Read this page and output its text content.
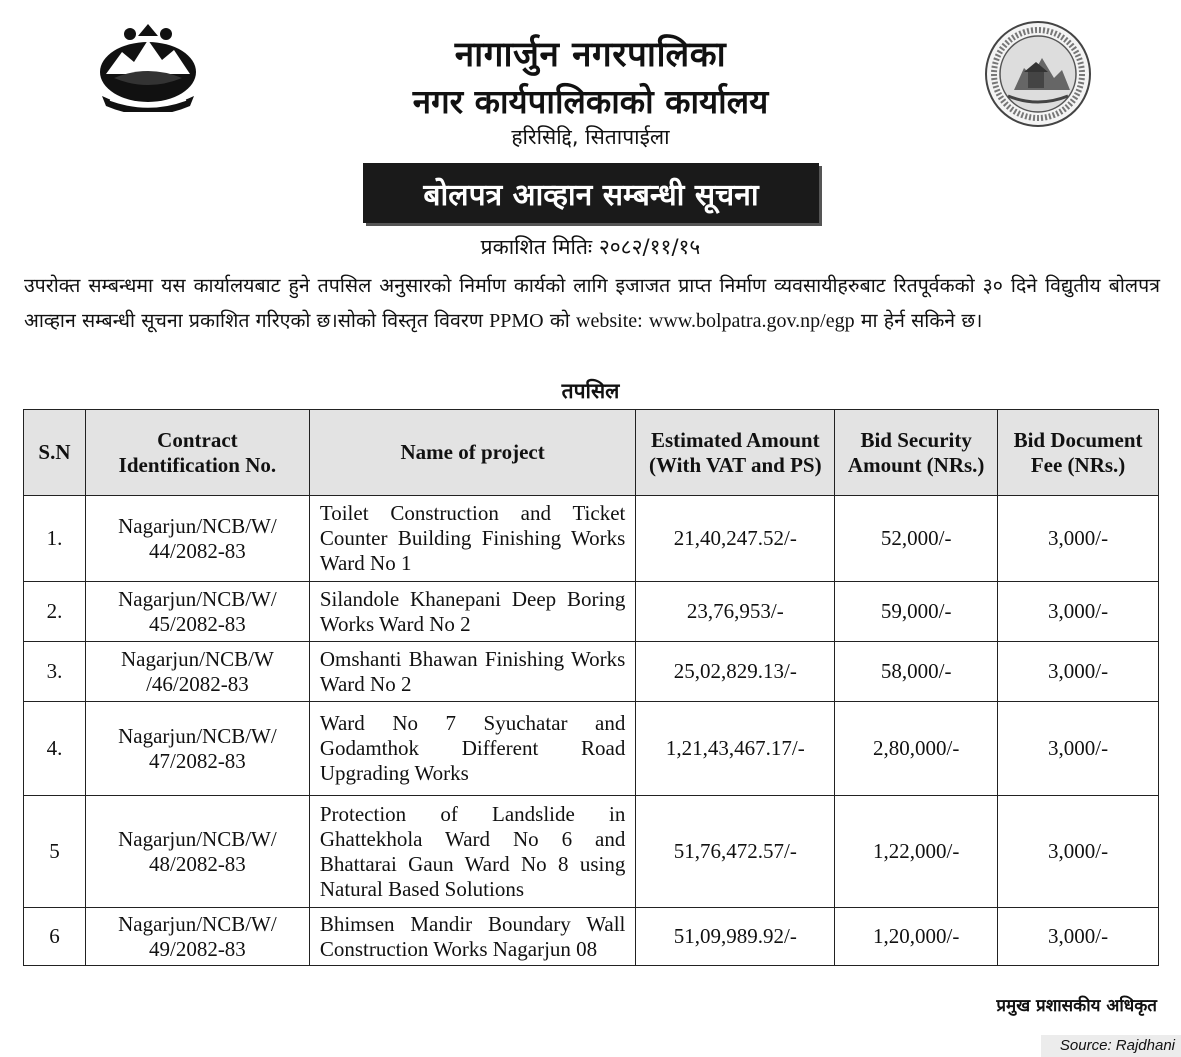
नागार्जुन नगरपालिका
नगर कार्यपालिकाको कार्यालय
हरिसिद्दि, सितापाईला
बोलपत्र आव्हान सम्बन्धी सूचना
प्रकाशित मितिः २०८२/११/१५
उपरोक्त सम्बन्धमा यस कार्यालयबाट हुने तपसिल अनुसारको निर्माण कार्यको लागि इजाजत प्राप्त निर्माण व्यवसायीहरुबाट रितपूर्वकको ३० दिने विद्युतीय बोलपत्र आव्हान सम्बन्धी सूचना प्रकाशित गरिएको छ।सोको विस्तृत विवरण PPMO को website: www.bolpatra.gov.np/egp मा हेर्न सकिने छ।
तपसिल
S.N	Contract Identification No.	Name of project	Estimated Amount (With VAT and PS)	Bid Security Amount (NRs.)	Bid Document Fee (NRs.)
1.	Nagarjun/NCB/W/ 44/2082-83	Toilet Construction and Ticket Counter Building Finishing Works Ward No 1	21,40,247.52/-	52,000/-	3,000/-
2.	Nagarjun/NCB/W/ 45/2082-83	Silandole Khanepani Deep Boring Works Ward No 2	23,76,953/-	59,000/-	3,000/-
3.	Nagarjun/NCB/W /46/2082-83	Omshanti Bhawan Finishing Works Ward No 2	25,02,829.13/-	58,000/-	3,000/-
4.	Nagarjun/NCB/W/ 47/2082-83	Ward No 7 Syuchatar and Godamthok Different Road Upgrading Works	1,21,43,467.17/-	2,80,000/-	3,000/-
5	Nagarjun/NCB/W/ 48/2082-83	Protection of Landslide in Ghattekhola Ward No 6 and Bhattarai Gaun Ward No 8 using Natural Based Solutions	51,76,472.57/-	1,22,000/-	3,000/-
6	Nagarjun/NCB/W/ 49/2082-83	Bhimsen Mandir Boundary Wall Construction Works Nagarjun 08	51,09,989.92/-	1,20,000/-	3,000/-
प्रमुख प्रशासकीय अधिकृत
Source: Rajdhani
